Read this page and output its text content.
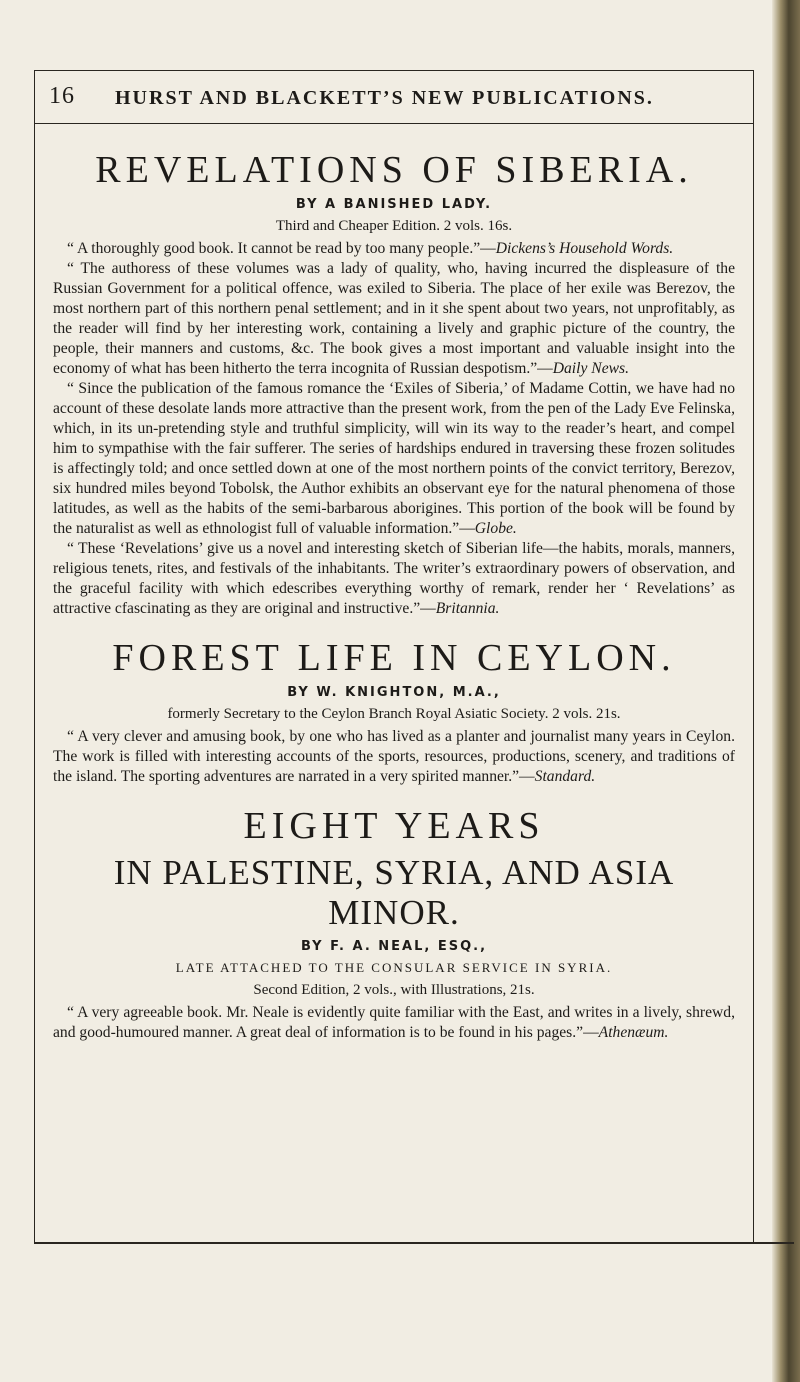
16 HURST AND BLACKETT’S NEW PUBLICATIONS.
REVELATIONS OF SIBERIA.
BY A BANISHED LADY.
Third and Cheaper Edition. 2 vols. 16s.

“ A thoroughly good book. It cannot be read by too many people.”—Dickens’s Household Words.

“ The authoress of these volumes was a lady of quality, who, having incurred the displeasure of the Russian Government for a political offence, was exiled to Siberia. The place of her exile was Berezov, the most northern part of this northern penal settlement; and in it she spent about two years, not unprofitably, as the reader will find by her interesting work, containing a lively and graphic picture of the country, the people, their manners and customs, &c. The book gives a most important and valuable insight into the economy of what has been hitherto the terra incognita of Russian despotism.”—Daily News.

“ Since the publication of the famous romance the ‘Exiles of Siberia,’ of Madame Cottin, we have had no account of these desolate lands more attractive than the present work, from the pen of the Lady Eve Felinska, which, in its un-pretending style and truthful simplicity, will win its way to the reader’s heart, and compel him to sympathise with the fair sufferer. The series of hardships endured in traversing these frozen solitudes is affectingly told; and once settled down at one of the most northern points of the convict territory, Berezov, six hundred miles beyond Tobolsk, the Author exhibits an observant eye for the natural phenomena of those latitudes, as well as the habits of the semi-barbarous aborigines. This portion of the book will be found by the naturalist as well as ethnologist full of valuable information.”—Globe.

“ These ‘Revelations’ give us a novel and interesting sketch of Siberian life—the habits, morals, manners, religious tenets, rites, and festivals of the inhabitants. The writer’s extraordinary powers of observation, and the graceful facility with which edescribes everything worthy of remark, render her ‘ Revelations’ as attractive cfascinating as they are original and instructive.”—Britannia.

FOREST LIFE IN CEYLON.
BY W. KNIGHTON, M.A.,
formerly Secretary to the Ceylon Branch Royal Asiatic Society. 2 vols. 21s.

“ A very clever and amusing book, by one who has lived as a planter and journalist many years in Ceylon. The work is filled with interesting accounts of the sports, resources, productions, scenery, and traditions of the island. The sporting adventures are narrated in a very spirited manner.”—Standard.

EIGHT YEARS
IN PALESTINE, SYRIA, AND ASIA MINOR.
BY F. A. NEAL, ESQ.,
LATE ATTACHED TO THE CONSULAR SERVICE IN SYRIA.
Second Edition, 2 vols., with Illustrations, 21s.

“ A very agreeable book. Mr. Neale is evidently quite familiar with the East, and writes in a lively, shrewd, and good-humoured manner. A great deal of information is to be found in his pages.”—Athenæum.
